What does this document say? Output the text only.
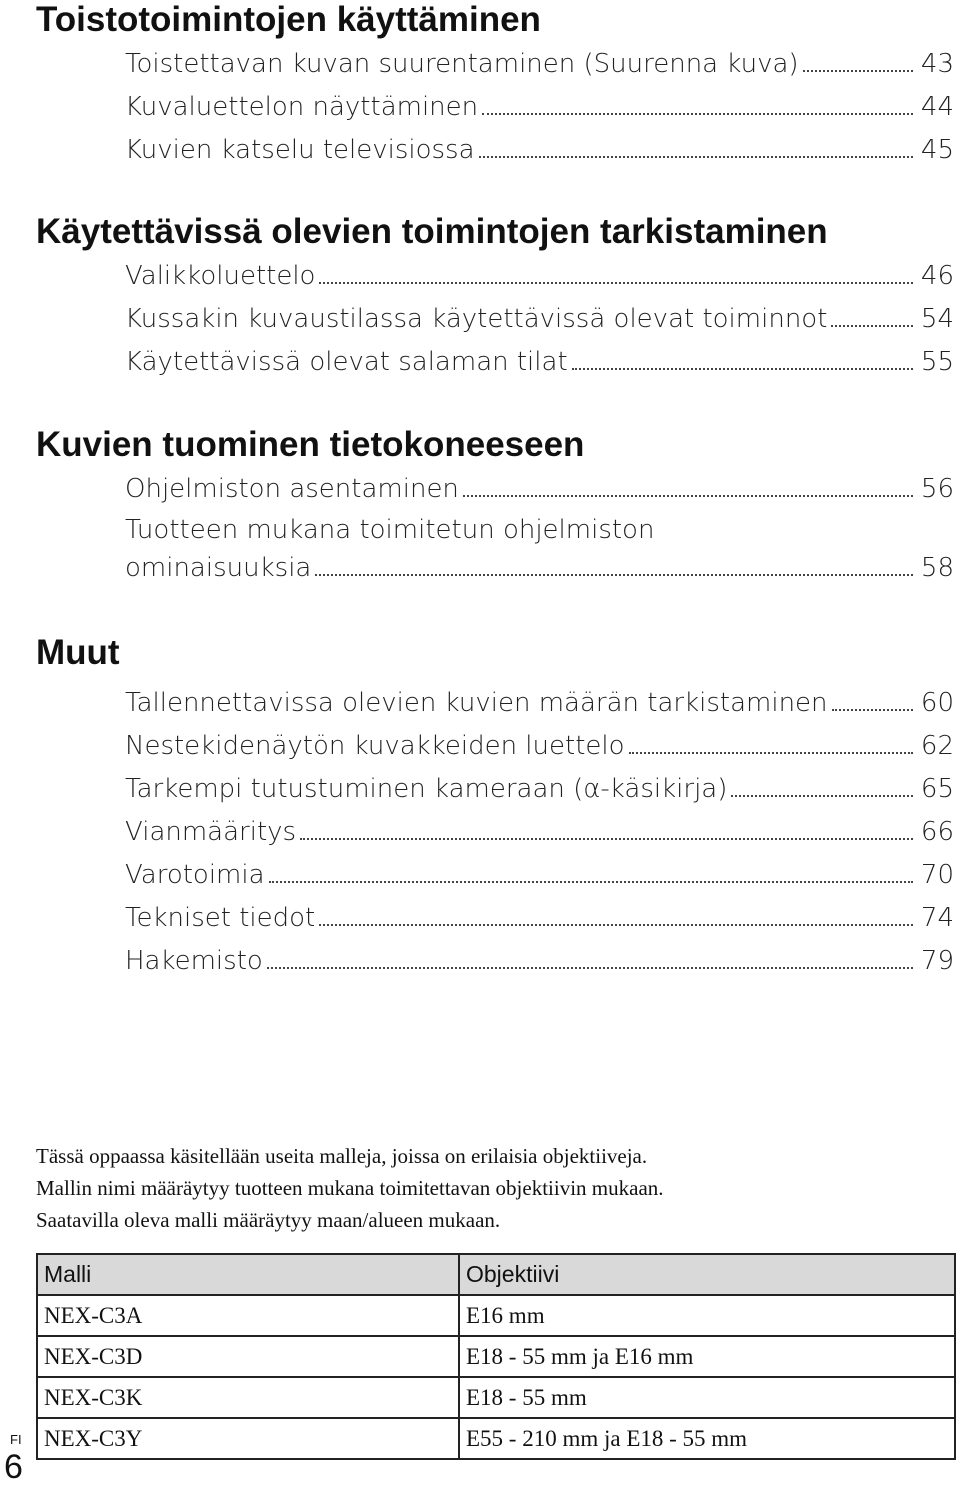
Toistotoimintojen käyttäminen
Toistettavan kuvan suurentaminen (Suurenna kuva)	43
Kuvaluettelon näyttäminen	44
Kuvien katselu televisiossa	45
Käytettävissä olevien toimintojen tarkistaminen
Valikkoluettelo	46
Kussakin kuvaustilassa käytettävissä olevat toiminnot	54
Käytettävissä olevat salaman tilat	55
Kuvien tuominen tietokoneeseen
Ohjelmiston asentaminen	56
Tuotteen mukana toimitetun ohjelmiston
ominaisuuksia	58
Muut
Tallennettavissa olevien kuvien määrän tarkistaminen	60
Nestekidenäytön kuvakkeiden luettelo	62
Tarkempi tutustuminen kameraan (α-käsikirja)	65
Vianmääritys	66
Varotoimia	70
Tekniset tiedot	74
Hakemisto	79

Tässä oppaassa käsitellään useita malleja, joissa on erilaisia objektiiveja.

Mallin nimi määräytyy tuotteen mukana toimitettavan objektiivin mukaan.

Saatavilla oleva malli määräytyy maan/alueen mukaan.

Malli	Objektiivi
NEX-C3A	E16 mm
NEX-C3D	E18 - 55 mm ja E16 mm
NEX-C3K	E18 - 55 mm
NEX-C3Y	E55 - 210 mm ja E18 - 55 mm
FI
6
